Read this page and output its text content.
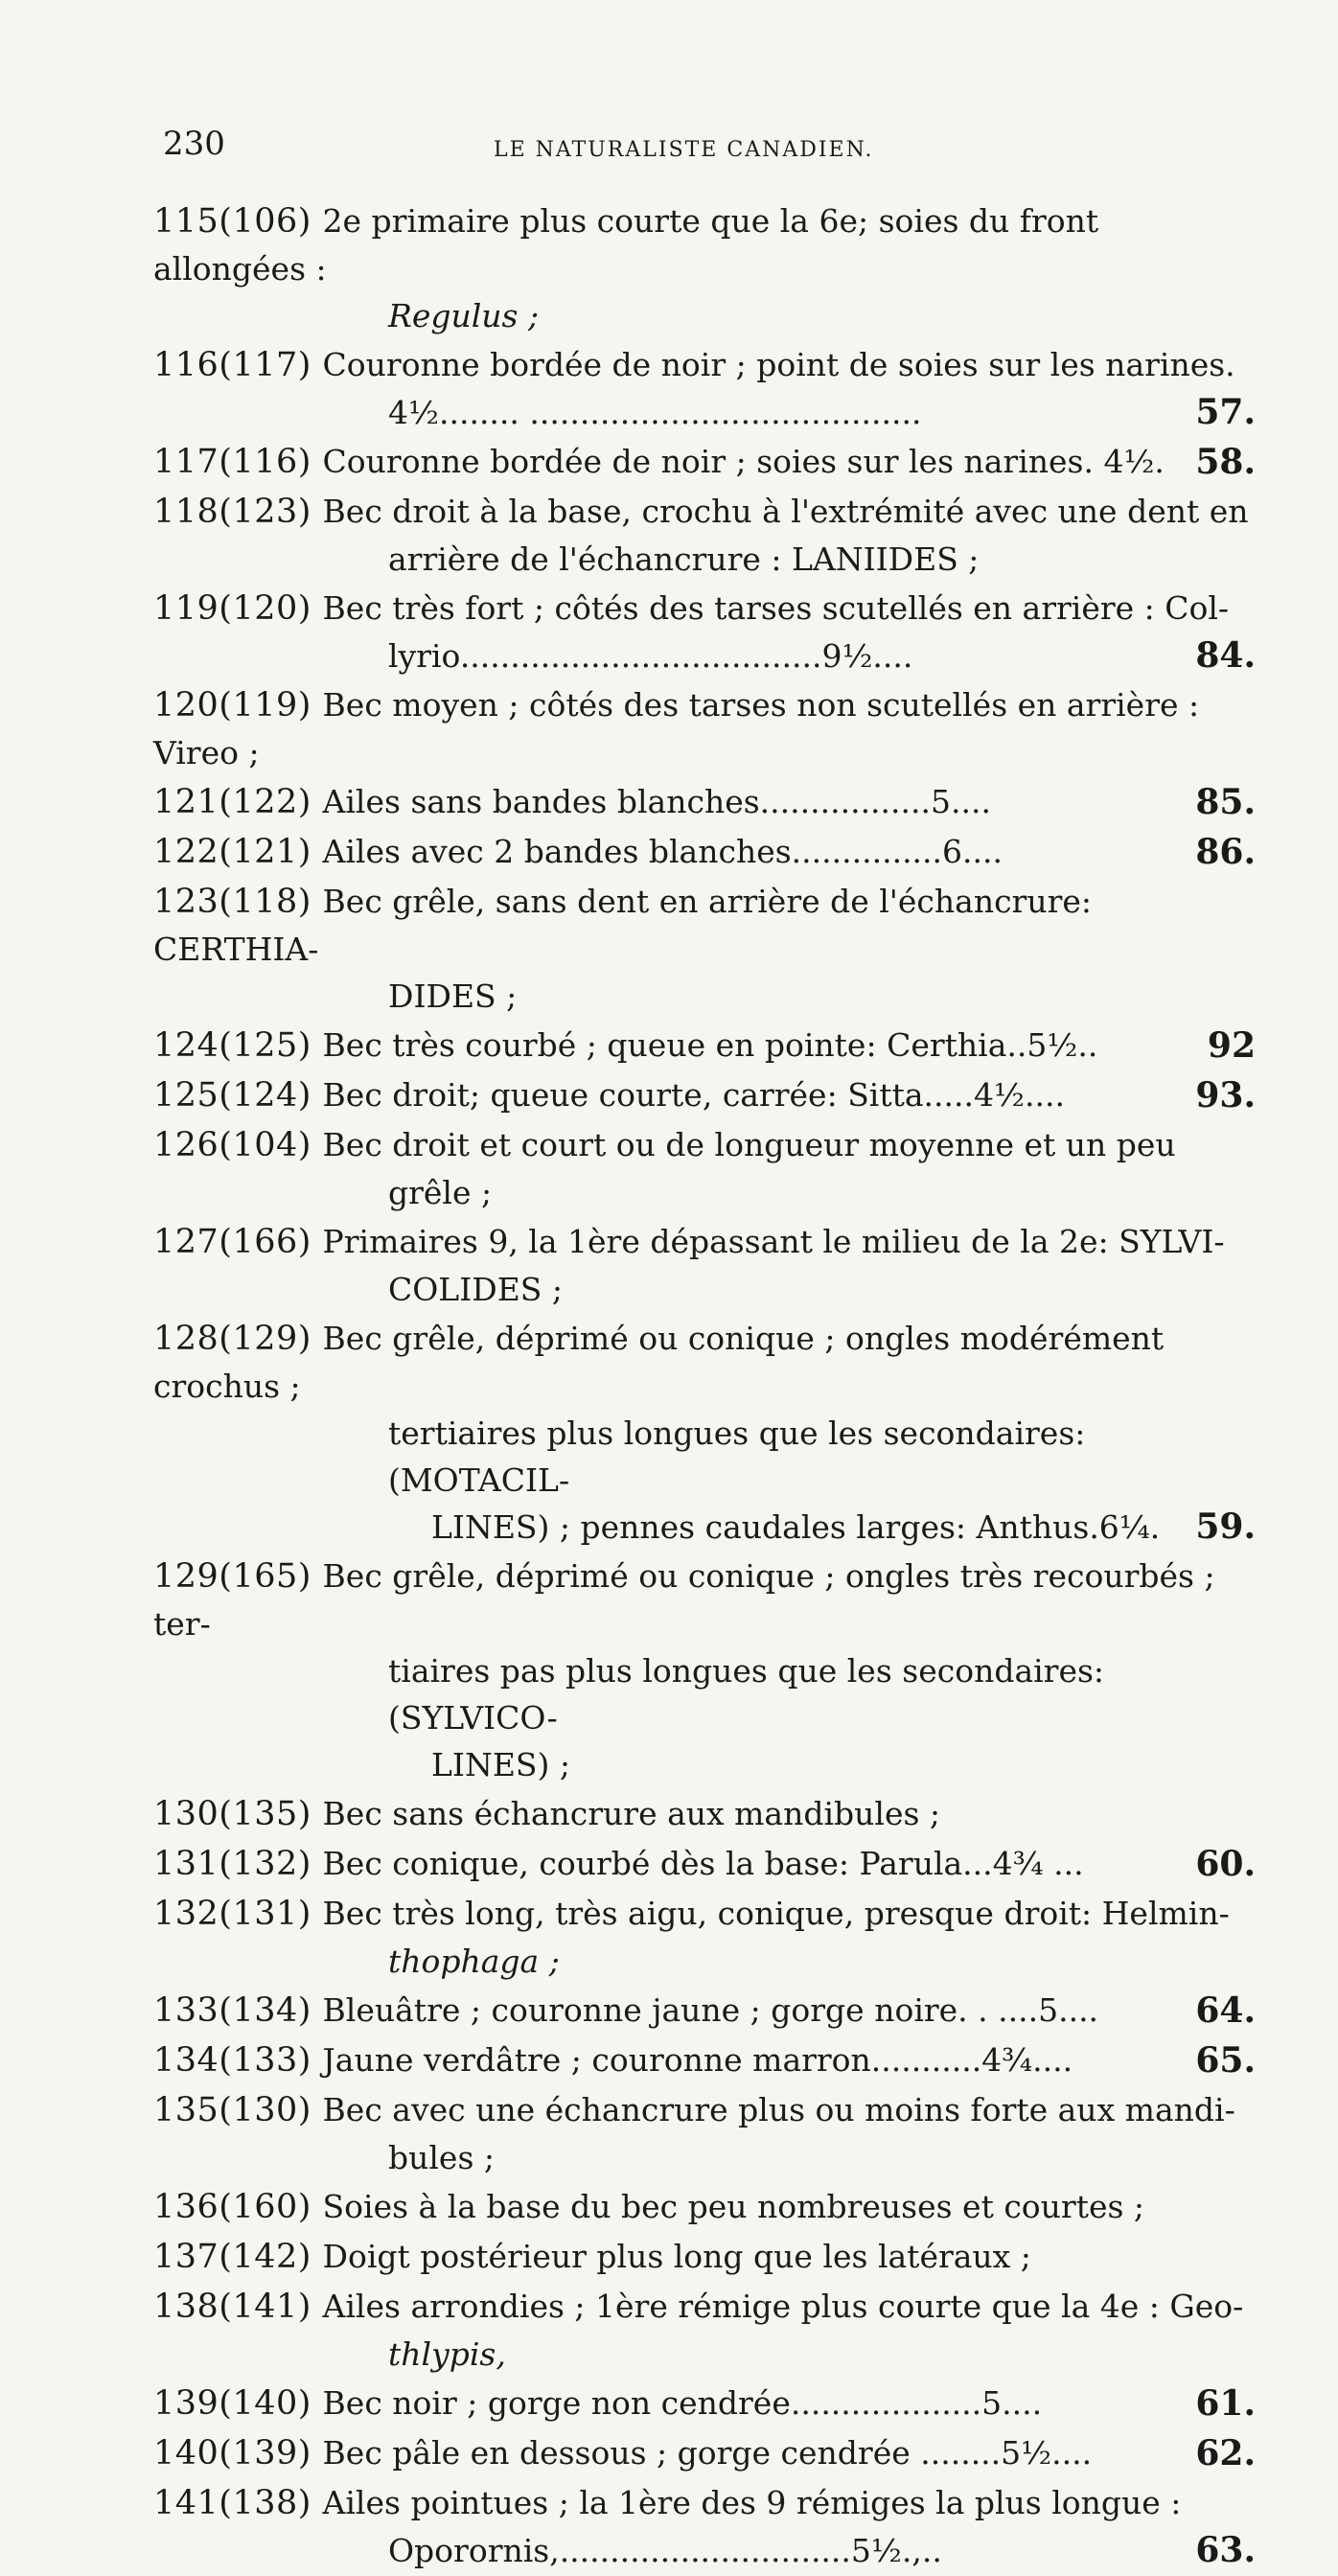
230	LE NATURALISTE CANADIEN.
115(106) 2e primaire plus courte que la 6e; soies du front allongées :
Regulus ;
116(117) Couronne bordée de noir ; point de soies sur les narines.
4½........ .......................................	57.
117(116) Couronne bordée de noir ; soies sur les narines. 4½. 58.
118(123) Bec droit à la base, crochu à l'extrémité avec une dent en
arrière de l'échancrure : LANIIDES ;
119(120) Bec très fort ; côtés des tarses scutellés en arrière : Col-
lyrio....................................9½....	84.
120(119) Bec moyen ; côtés des tarses non scutellés en arrière : Vireo ;
121(122) Ailes sans bandes blanches.................5....	85.
122(121) Ailes avec 2 bandes blanches...............6....	86.
123(118) Bec grêle, sans dent en arrière de l'échancrure: CERTHIA-
DIDES ;
124(125) Bec très courbé ; queue en pointe: Certhia..5½..	92
125(124) Bec droit; queue courte, carrée: Sitta.....4½....	93.
126(104) Bec droit et court ou de longueur moyenne et un peu
grêle ;
127(166) Primaires 9, la 1ère dépassant le milieu de la 2e: SYLVI-
COLIDES ;
128(129) Bec grêle, déprimé ou conique ; ongles modérément crochus ;
tertiaires plus longues que les secondaires: (MOTACIL-
LINES) ; pennes caudales larges: Anthus.6¼.	59.
129(165) Bec grêle, déprimé ou conique ; ongles très recourbés ; ter-
tiaires pas plus longues que les secondaires: (SYLVICO-
LINES) ;
130(135) Bec sans échancrure aux mandibules ;
131(132) Bec conique, courbé dès la base: Parula...4¾ ...	60.
132(131) Bec très long, très aigu, conique, presque droit: Helmin-
thophaga ;
133(134) Bleuâtre ; couronne jaune ; gorge noire. . ....5....	64.
134(133) Jaune verdâtre ; couronne marron...........4¾....	65.
135(130) Bec avec une échancrure plus ou moins forte aux mandi-
bules ;
136(160) Soies à la base du bec peu nombreuses et courtes ;
137(142) Doigt postérieur plus long que les latéraux ;
138(141) Ailes arrondies ; 1ère rémige plus courte que la 4e : Geo-
thlypis,
139(140) Bec noir ; gorge non cendrée...................5....	61.
140(139) Bec pâle en dessous ; gorge cendrée ........5½....	62.
141(138) Ailes pointues ; la 1ère des 9 rémiges la plus longue :
Oporornis,.............................5½.,..	63.
